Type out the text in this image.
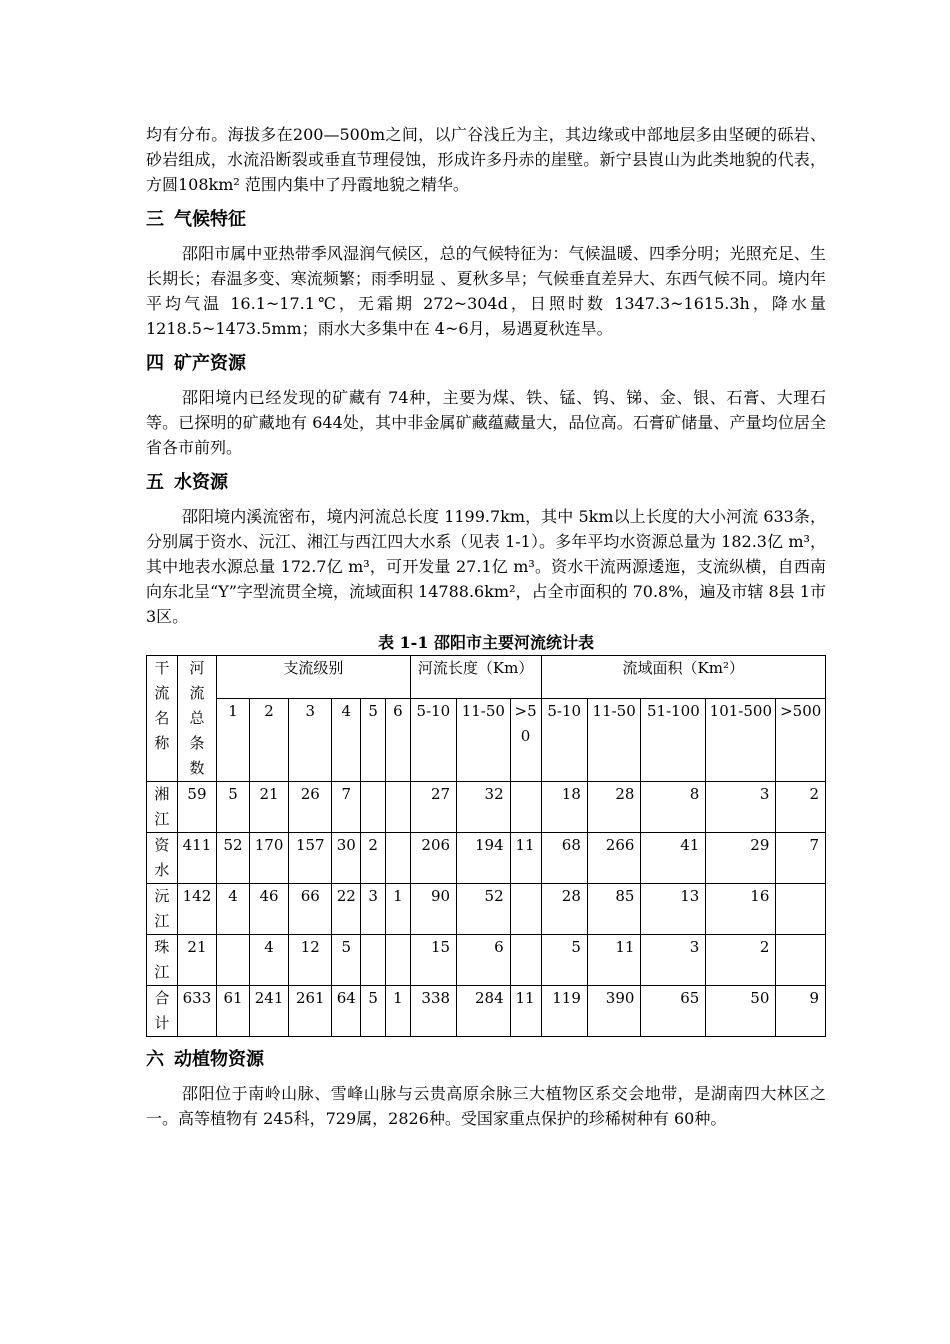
均有分布。海拔多在200—500m之间，以广谷浅丘为主，其边缘或中部地层多由坚硬的砾岩、砂岩组成，水流沿断裂或垂直节理侵蚀，形成许多丹赤的崖壁。新宁县崀山为此类地貌的代表，方圆108km² 范围内集中了丹霞地貌之精华。

三 气候特征

邵阳市属中亚热带季风湿润气候区，总的气候特征为：气候温暖、四季分明；光照充足、生长期长；春温多变、寒流频繁；雨季明显 、夏秋多旱；气候垂直差异大、东西气候不同。境内年平均气温 16.1~17.1℃，无霜期 272~304d，日照时数 1347.3~1615.3h，降水量 1218.5~1473.5mm；雨水大多集中在 4~6月，易遇夏秋连旱。

四 矿产资源

邵阳境内已经发现的矿藏有 74种，主要为煤、铁、锰、钨、锑、金、银、石膏、大理石等。已探明的矿藏地有 644处，其中非金属矿藏蕴藏量大，品位高。石膏矿储量、产量均位居全省各市前列。

五 水资源

邵阳境内溪流密布，境内河流总长度 1199.7km，其中 5km以上长度的大小河流 633条，分别属于资水、沅江、湘江与西江四大水系（见表 1-1）。多年平均水资源总量为 182.3亿 m³，其中地表水源总量 172.7亿 m³，可开发量 27.1亿 m³。资水干流两源逶迤，支流纵横，自西南向东北呈“Y”字型流贯全境，流域面积 14788.6km²，占全市面积的 70.8%，遍及市辖 8县 1市 3区。

表 1-1 邵阳市主要河流统计表
干流名称	河流总条数	支流级别						河流长度（Km）			流域面积（Km²）				
		1	2	3	4	5	6	5-10	11-50	>50	5-10	11-50	51-100	101-500	>500

湘江	59	5	21	26	7			27	32		18	28	8	3	2

资水	411	52	170	157	30	2		206	194	11	68	266	41	29	7

沅江	142	4	46	66	22	3	1	90	52		28	85	13	16	

珠江	21		4	12	5			15	6		5	11	3	2	

合计	633	61	241	261	64	5	1	338	284	11	119	390	65	50	9
六 动植物资源

邵阳位于南岭山脉、雪峰山脉与云贵高原余脉三大植物区系交会地带，是湖南四大林区之一。高等植物有 245科，729属，2826种。受国家重点保护的珍稀树种有 60种。
